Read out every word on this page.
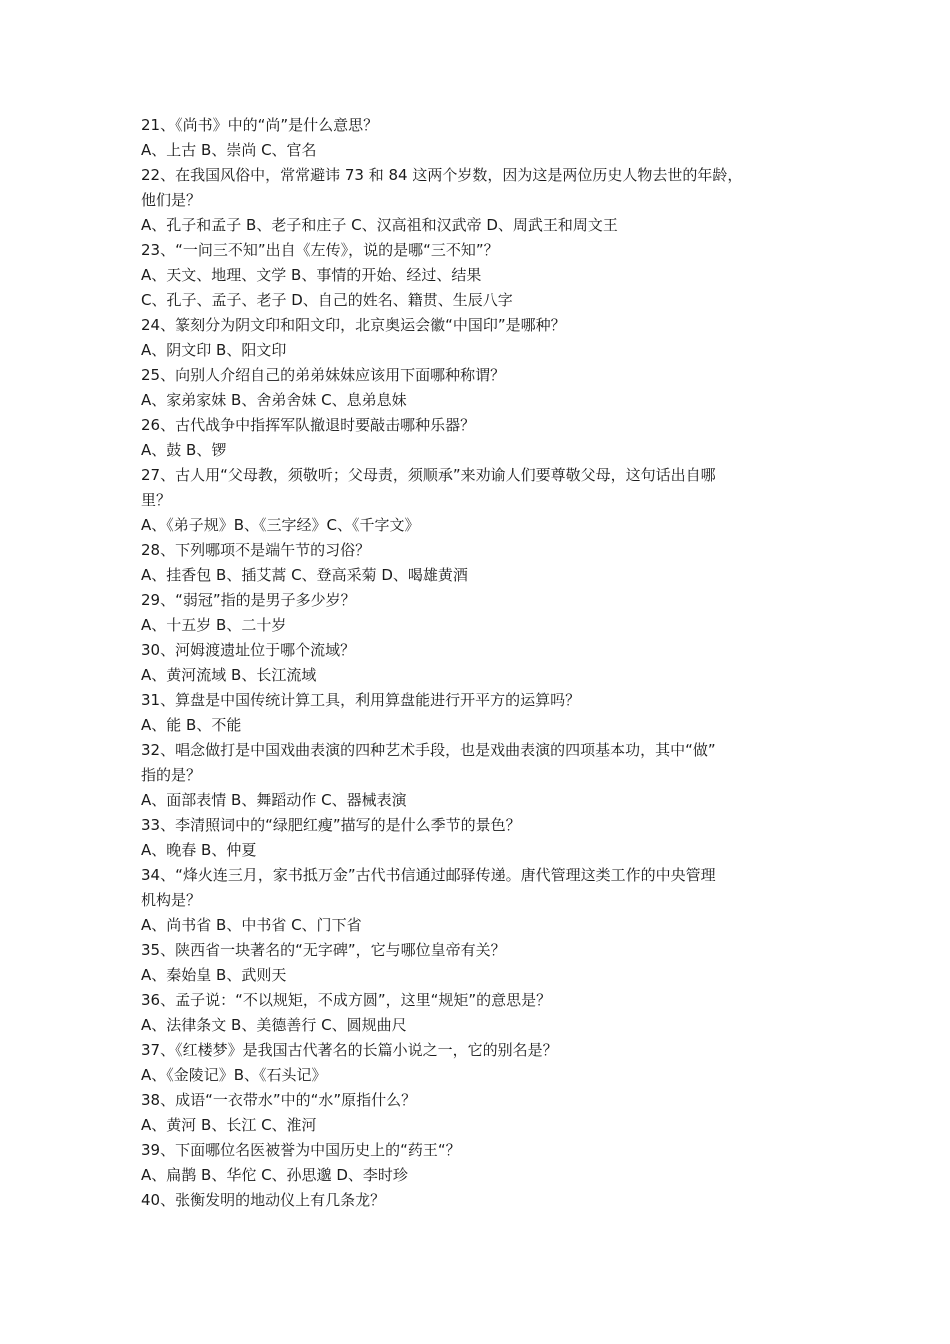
21、《尚书》中的“尚”是什么意思？
A、上古 B、崇尚 C、官名
22、在我国风俗中，常常避讳 73 和 84 这两个岁数，因为这是两位历史人物去世的年龄，
他们是？
A、孔子和孟子 B、老子和庄子 C、汉高祖和汉武帝 D、周武王和周文王
23、“一问三不知”出自《左传》，说的是哪“三不知”？
A、天文、地理、文学 B、事情的开始、经过、结果
C、孔子、孟子、老子 D、自己的姓名、籍贯、生辰八字
24、篆刻分为阴文印和阳文印，北京奥运会徽“中国印”是哪种？
A、阴文印 B、阳文印
25、向别人介绍自己的弟弟妹妹应该用下面哪种称谓？
A、家弟家妹 B、舍弟舍妹 C、息弟息妹
26、古代战争中指挥军队撤退时要敲击哪种乐器？
A、鼓 B、锣
27、古人用“父母教，须敬听；父母责，须顺承”来劝谕人们要尊敬父母，这句话出自哪
里？
A、《弟子规》B、《三字经》C、《千字文》
28、下列哪项不是端午节的习俗？
A、挂香包 B、插艾蒿 C、登高采菊 D、喝雄黄酒
29、“弱冠”指的是男子多少岁？
A、十五岁 B、二十岁
30、河姆渡遗址位于哪个流域？
A、黄河流域 B、长江流域
31、算盘是中国传统计算工具，利用算盘能进行开平方的运算吗？
A、能 B、不能
32、唱念做打是中国戏曲表演的四种艺术手段，也是戏曲表演的四项基本功，其中“做”
指的是？
A、面部表情 B、舞蹈动作 C、器械表演
33、李清照词中的“绿肥红瘦”描写的是什么季节的景色？
A、晚春 B、仲夏
34、“烽火连三月，家书抵万金”古代书信通过邮驿传递。唐代管理这类工作的中央管理
机构是？
A、尚书省 B、中书省 C、门下省
35、陕西省一块著名的“无字碑”，它与哪位皇帝有关？
A、秦始皇 B、武则天
36、孟子说：“不以规矩，不成方圆”，这里“规矩”的意思是？
A、法律条文 B、美德善行 C、圆规曲尺
37、《红楼梦》是我国古代著名的长篇小说之一，它的别名是？
A、《金陵记》B、《石头记》
38、成语“一衣带水”中的“水”原指什么？
A、黄河 B、长江 C、淮河
39、下面哪位名医被誉为中国历史上的“药王“？
A、扁鹊 B、华佗 C、孙思邈 D、李时珍
40、张衡发明的地动仪上有几条龙？
